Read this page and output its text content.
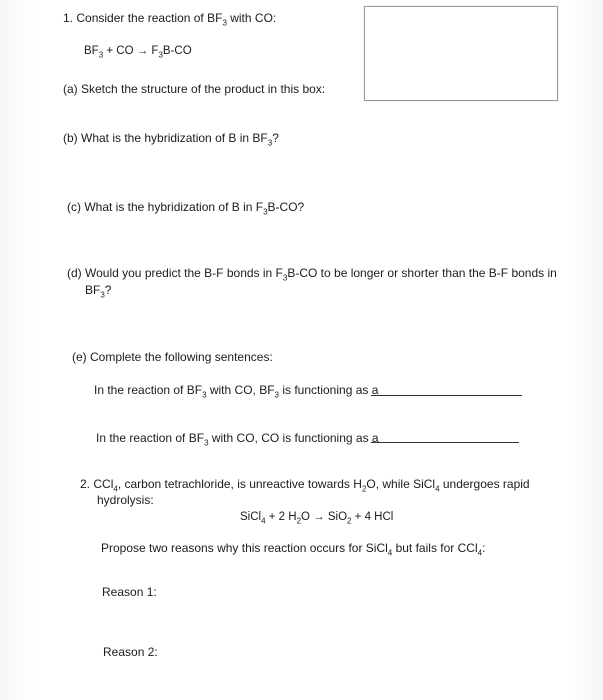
1. Consider the reaction of $BF_3$ with CO:
$BF_3$ + CO → $F_3B-CO$
(a) Sketch the structure of the product in this box:
(b) What is the hybridization of B in $BF_3$?
(c) What is the hybridization of B in $F_3B-CO$?
(d) Would you predict the B-F bonds in $F_3B-CO$ to be longer or shorter than the B-F bonds in
$BF_3$?
(e) Complete the following sentences:
In the reaction of $BF_3$ with CO, $BF_3$ is functioning as a
In the reaction of $BF_3$ with CO, CO is functioning as a
2. CCl$_4$, carbon tetrachloride, is unreactive towards $H_2O$, while SiCl$_4$ undergoes rapid
hydrolysis:
SiCl$_4$ + 2 $H_2O \to SiO_2 + 4$ HCl
Propose two reasons why this reaction occurs for SiCl$_4$ but fails for CCl$_4$:
Reason 1:
Reason 2:
